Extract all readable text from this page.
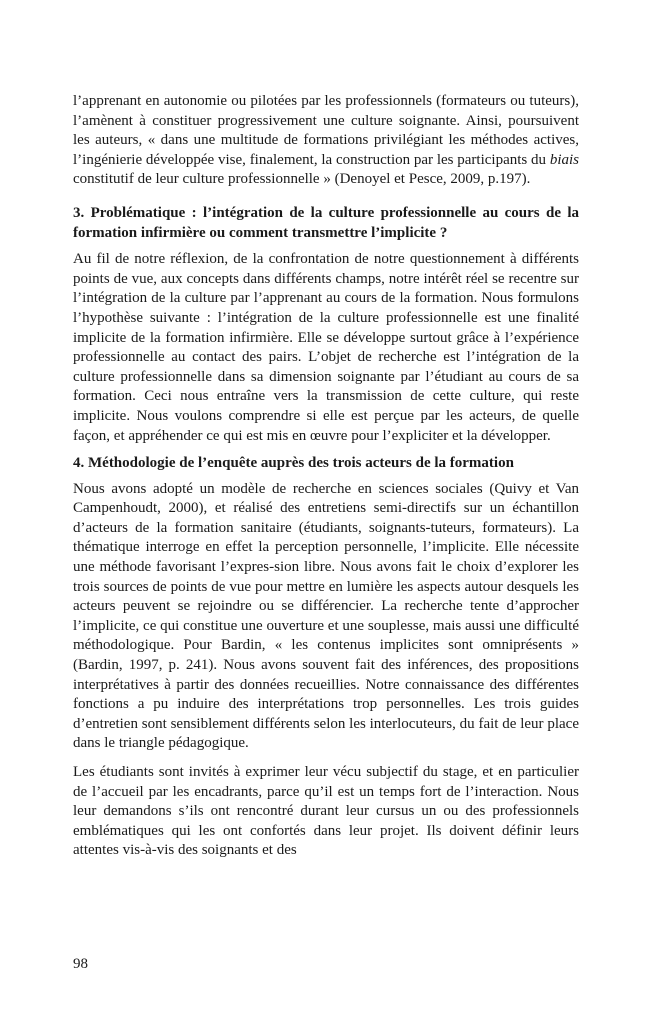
l’apprenant en autonomie ou pilotées par les professionnels (formateurs ou tuteurs), l’amènent à constituer progressivement une culture soignante. Ainsi, poursuivent les auteurs, « dans une multitude de formations privilégiant les méthodes actives, l’ingénierie développée vise, finalement, la construction par les participants du biais constitutif de leur culture professionnelle » (Denoyel et Pesce, 2009, p.197).

3. Problématique : l’intégration de la culture professionnelle au cours de la formation infirmière ou comment transmettre l’implicite ?

Au fil de notre réflexion, de la confrontation de notre questionnement à différents points de vue, aux concepts dans différents champs, notre intérêt réel se recentre sur l’intégration de la culture par l’apprenant au cours de la formation. Nous formulons l’hypothèse suivante : l’intégration de la culture professionnelle est une finalité implicite de la formation infirmière. Elle se développe surtout grâce à l’expérience professionnelle au contact des pairs. L’objet de recherche est l’intégration de la culture professionnelle dans sa dimension soignante par l’étudiant au cours de sa formation. Ceci nous entraîne vers la transmission de cette culture, qui reste implicite. Nous voulons comprendre si elle est perçue par les acteurs, de quelle façon, et appréhender ce qui est mis en œuvre pour l’expliciter et la développer.

4. Méthodologie de l’enquête auprès des trois acteurs de la formation

Nous avons adopté un modèle de recherche en sciences sociales (Quivy et Van Campenhoudt, 2000), et réalisé des entretiens semi-directifs sur un échantillon d’acteurs de la formation sanitaire (étudiants, soignants-tuteurs, formateurs). La thématique interroge en effet la perception personnelle, l’implicite. Elle nécessite une méthode favorisant l’expres-sion libre. Nous avons fait le choix d’explorer les trois sources de points de vue pour mettre en lumière les aspects autour desquels les acteurs peuvent se rejoindre ou se différencier. La recherche tente d’approcher l’implicite, ce qui constitue une ouverture et une souplesse, mais aussi une difficulté méthodologique. Pour Bardin, « les contenus implicites sont omniprésents » (Bardin, 1997, p. 241). Nous avons souvent fait des inférences, des propositions interprétatives à partir des données recueillies. Notre connaissance des différentes fonctions a pu induire des interprétations trop personnelles. Les trois guides d’entretien sont sensiblement différents selon les interlocuteurs, du fait de leur place dans le triangle pédagogique.

Les étudiants sont invités à exprimer leur vécu subjectif du stage, et en particulier de l’accueil par les encadrants, parce qu’il est un temps fort de l’interaction. Nous leur demandons s’ils ont rencontré durant leur cursus un ou des professionnels emblématiques qui les ont confortés dans leur projet. Ils doivent définir leurs attentes vis-à-vis des soignants et des

98
